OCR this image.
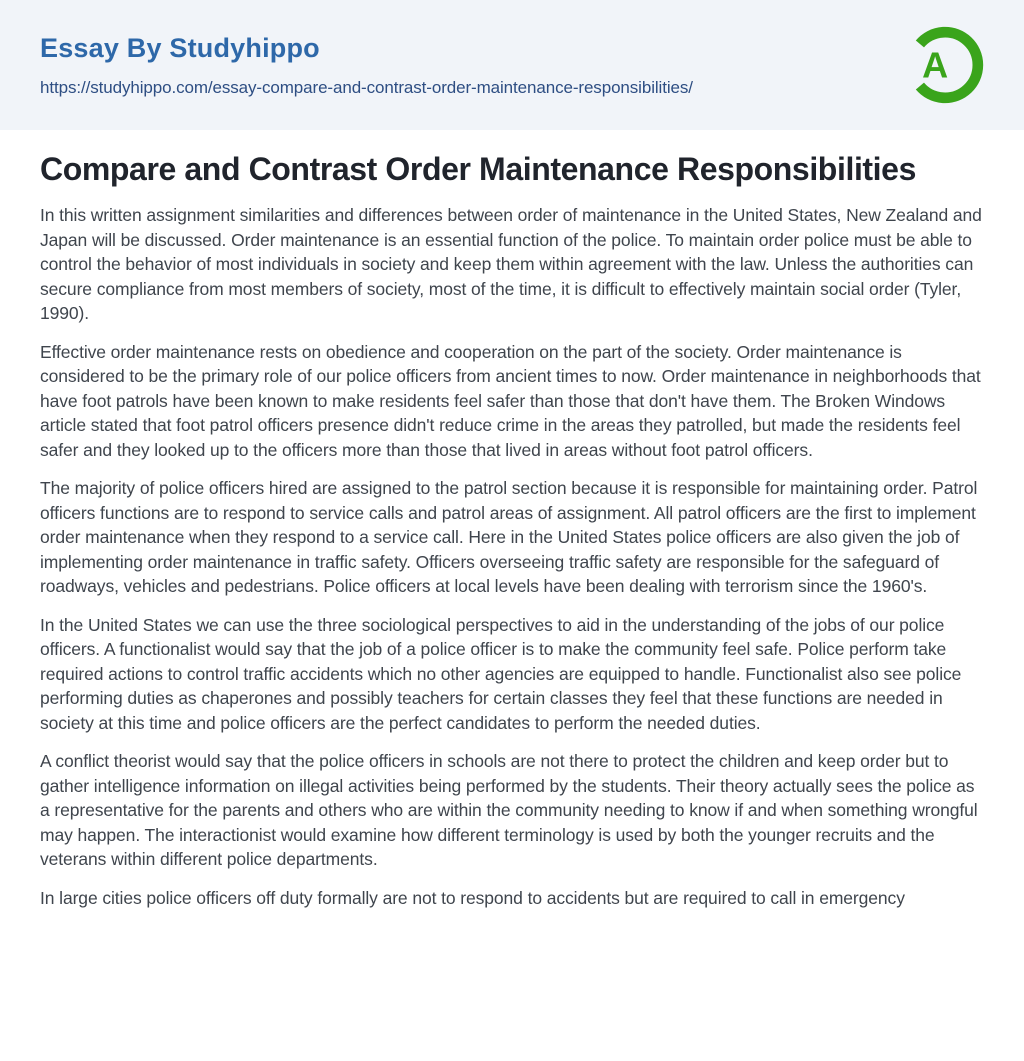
Essay By Studyhippo
https://studyhippo.com/essay-compare-and-contrast-order-maintenance-responsibilities/
A
Compare and Contrast Order Maintenance Responsibilities

In this written assignment similarities and differences between order of maintenance in the United States, New Zealand and Japan will be discussed. Order maintenance is an essential function of the police. To maintain order police must be able to control the behavior of most individuals in society and keep them within agreement with the law. Unless the authorities can secure compliance from most members of society, most of the time, it is difficult to effectively maintain social order (Tyler, 1990).

Effective order maintenance rests on obedience and cooperation on the part of the society. Order maintenance is considered to be the primary role of our police officers from ancient times to now. Order maintenance in neighborhoods that have foot patrols have been known to make residents feel safer than those that don't have them. The Broken Windows article stated that foot patrol officers presence didn't reduce crime in the areas they patrolled, but made the residents feel safer and they looked up to the officers more than those that lived in areas without foot patrol officers.

The majority of police officers hired are assigned to the patrol section because it is responsible for maintaining order. Patrol officers functions are to respond to service calls and patrol areas of assignment. All patrol officers are the first to implement order maintenance when they respond to a service call. Here in the United States police officers are also given the job of implementing order maintenance in traffic safety. Officers overseeing traffic safety are responsible for the safeguard of roadways, vehicles and pedestrians. Police officers at local levels have been dealing with terrorism since the 1960's.

In the United States we can use the three sociological perspectives to aid in the understanding of the jobs of our police officers. A functionalist would say that the job of a police officer is to make the community feel safe. Police perform take required actions to control traffic accidents which no other agencies are equipped to handle. Functionalist also see police performing duties as chaperones and possibly teachers for certain classes they feel that these functions are needed in society at this time and police officers are the perfect candidates to perform the needed duties.

A conflict theorist would say that the police officers in schools are not there to protect the children and keep order but to gather intelligence information on illegal activities being performed by the students. Their theory actually sees the police as a representative for the parents and others who are within the community needing to know if and when something wrongful may happen. The interactionist would examine how different terminology is used by both the younger recruits and the veterans within different police departments.

In large cities police officers off duty formally are not to respond to accidents but are required to call in emergency
